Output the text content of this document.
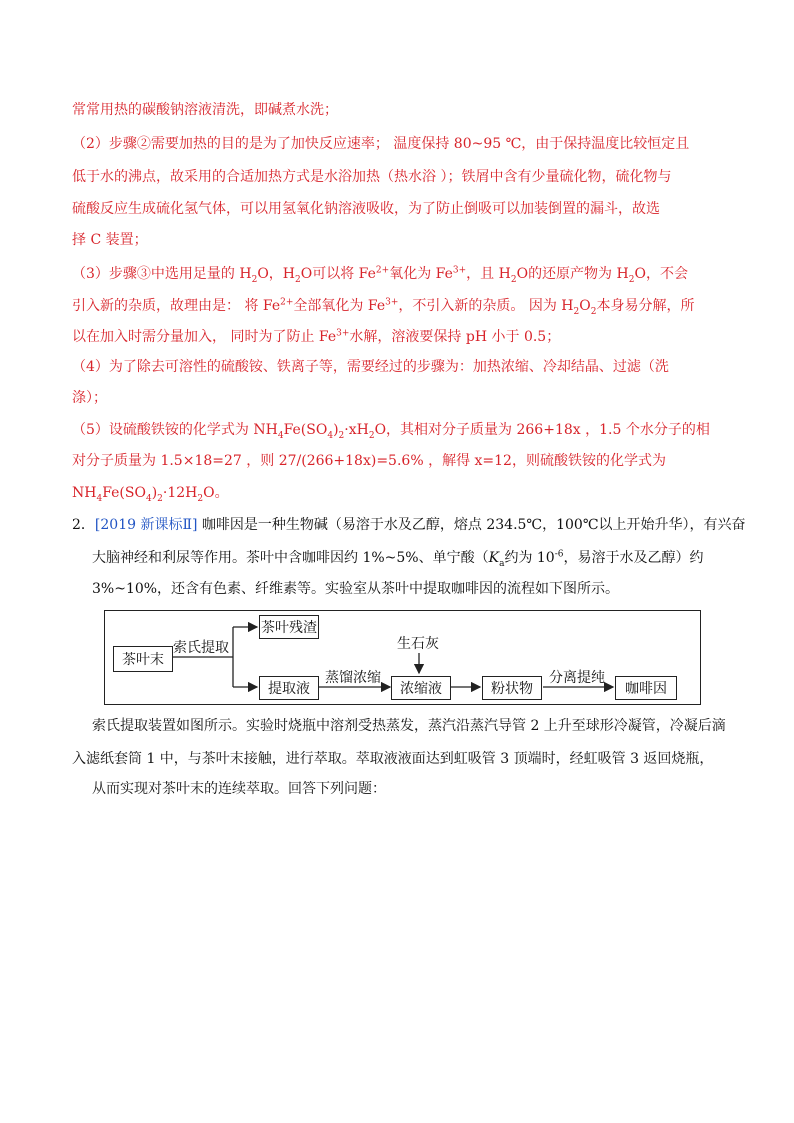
常常用热的碳酸钠溶液清洗，即碱煮水洗；
（2）步骤②需要加热的目的是为了加快反应速率； 温度保持 80~95 ℃，由于保持温度比较恒定且
低于水的沸点，故采用的合适加热方式是水浴加热（热水浴 ）；铁屑中含有少量硫化物，硫化物与
硫酸反应生成硫化氢气体，可以用氢氧化钠溶液吸收，为了防止倒吸可以加装倒置的漏斗，故选
择 C 装置；
（3）步骤③中选用足量的 $H_2O$，$H_2O$可以将 $Fe^{2+}$氧化为 $Fe^{3+}$，且 $H_2O$的还原产物为 $H_2O$，不会
引入新的杂质，故理由是： 将 $Fe^{2+}$全部氧化为 $Fe^{3+}$，不引入新的杂质。 因为 $H_2O_2$本身易分解，所
以在加入时需分量加入， 同时为了防止 $Fe^{3+}$水解，溶液要保持 pH 小于 0.5；
（4）为了除去可溶性的硫酸铵、铁离子等，需要经过的步骤为：加热浓缩、冷却结晶、过滤（洗
涤）；
（5）设硫酸铁铵的化学式为 $NH_4Fe(SO_4)_2\cdot xH_2O$，其相对分子质量为 266+18x ，1.5 个水分子的相
对分子质量为 1.5×18=27 ，则 27/(266+18x)=5.6% ，解得 x=12，则硫酸铁铵的化学式为
$NH_4Fe(SO_4)_2\cdot 12H_2O$。
2．[2019 新课标Ⅱ] 咖啡因是一种生物碱（易溶于水及乙醇，熔点 234.5℃，100℃以上开始升华），有兴奋
大脑神经和利尿等作用。茶叶中含咖啡因约 1%~5%、单宁酸（$K_a$约为 $10^{-6}$，易溶于水及乙醇）约
3%~10%，还含有色素、纤维素等。实验室从茶叶中提取咖啡因的流程如下图所示。
茶叶末
索氏提取
茶叶残渣
提取液
蒸馏浓缩
生石灰
浓缩液	粉状物
分离提纯
咖啡因
索氏提取装置如图所示。实验时烧瓶中溶剂受热蒸发，蒸汽沿蒸汽导管 2 上升至球形冷凝管，冷凝后滴
入滤纸套筒 1 中，与茶叶末接触，进行萃取。萃取液液面达到虹吸管 3 顶端时，经虹吸管 3 返回烧瓶，
从而实现对茶叶末的连续萃取。回答下列问题：
